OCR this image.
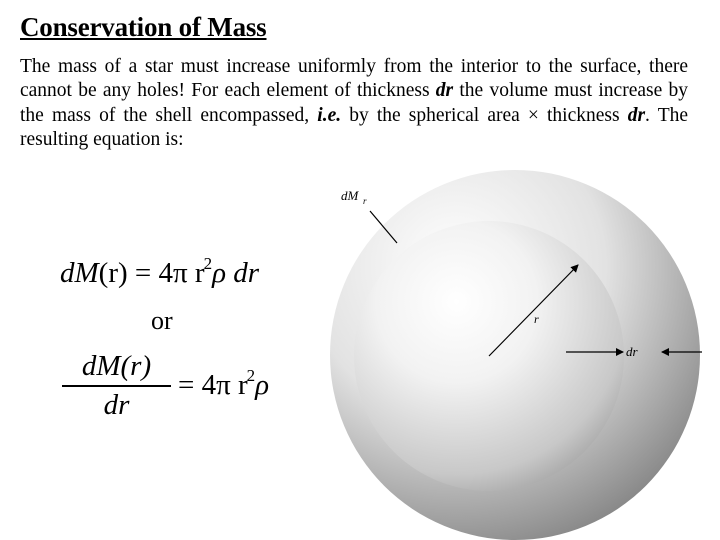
Conservation of Mass
The mass of a star must increase uniformly from the interior to the surface, there cannot be any holes! For each element of thickness dr the volume must increase by the mass of the shell encompassed, i.e. by the spherical area × thickness dr. The resulting equation is:
dM(r) = 4π $r^2\rho$ dr
or
dM(r)
dr
= 4π $r^2\rho$
dM r
r
dr
